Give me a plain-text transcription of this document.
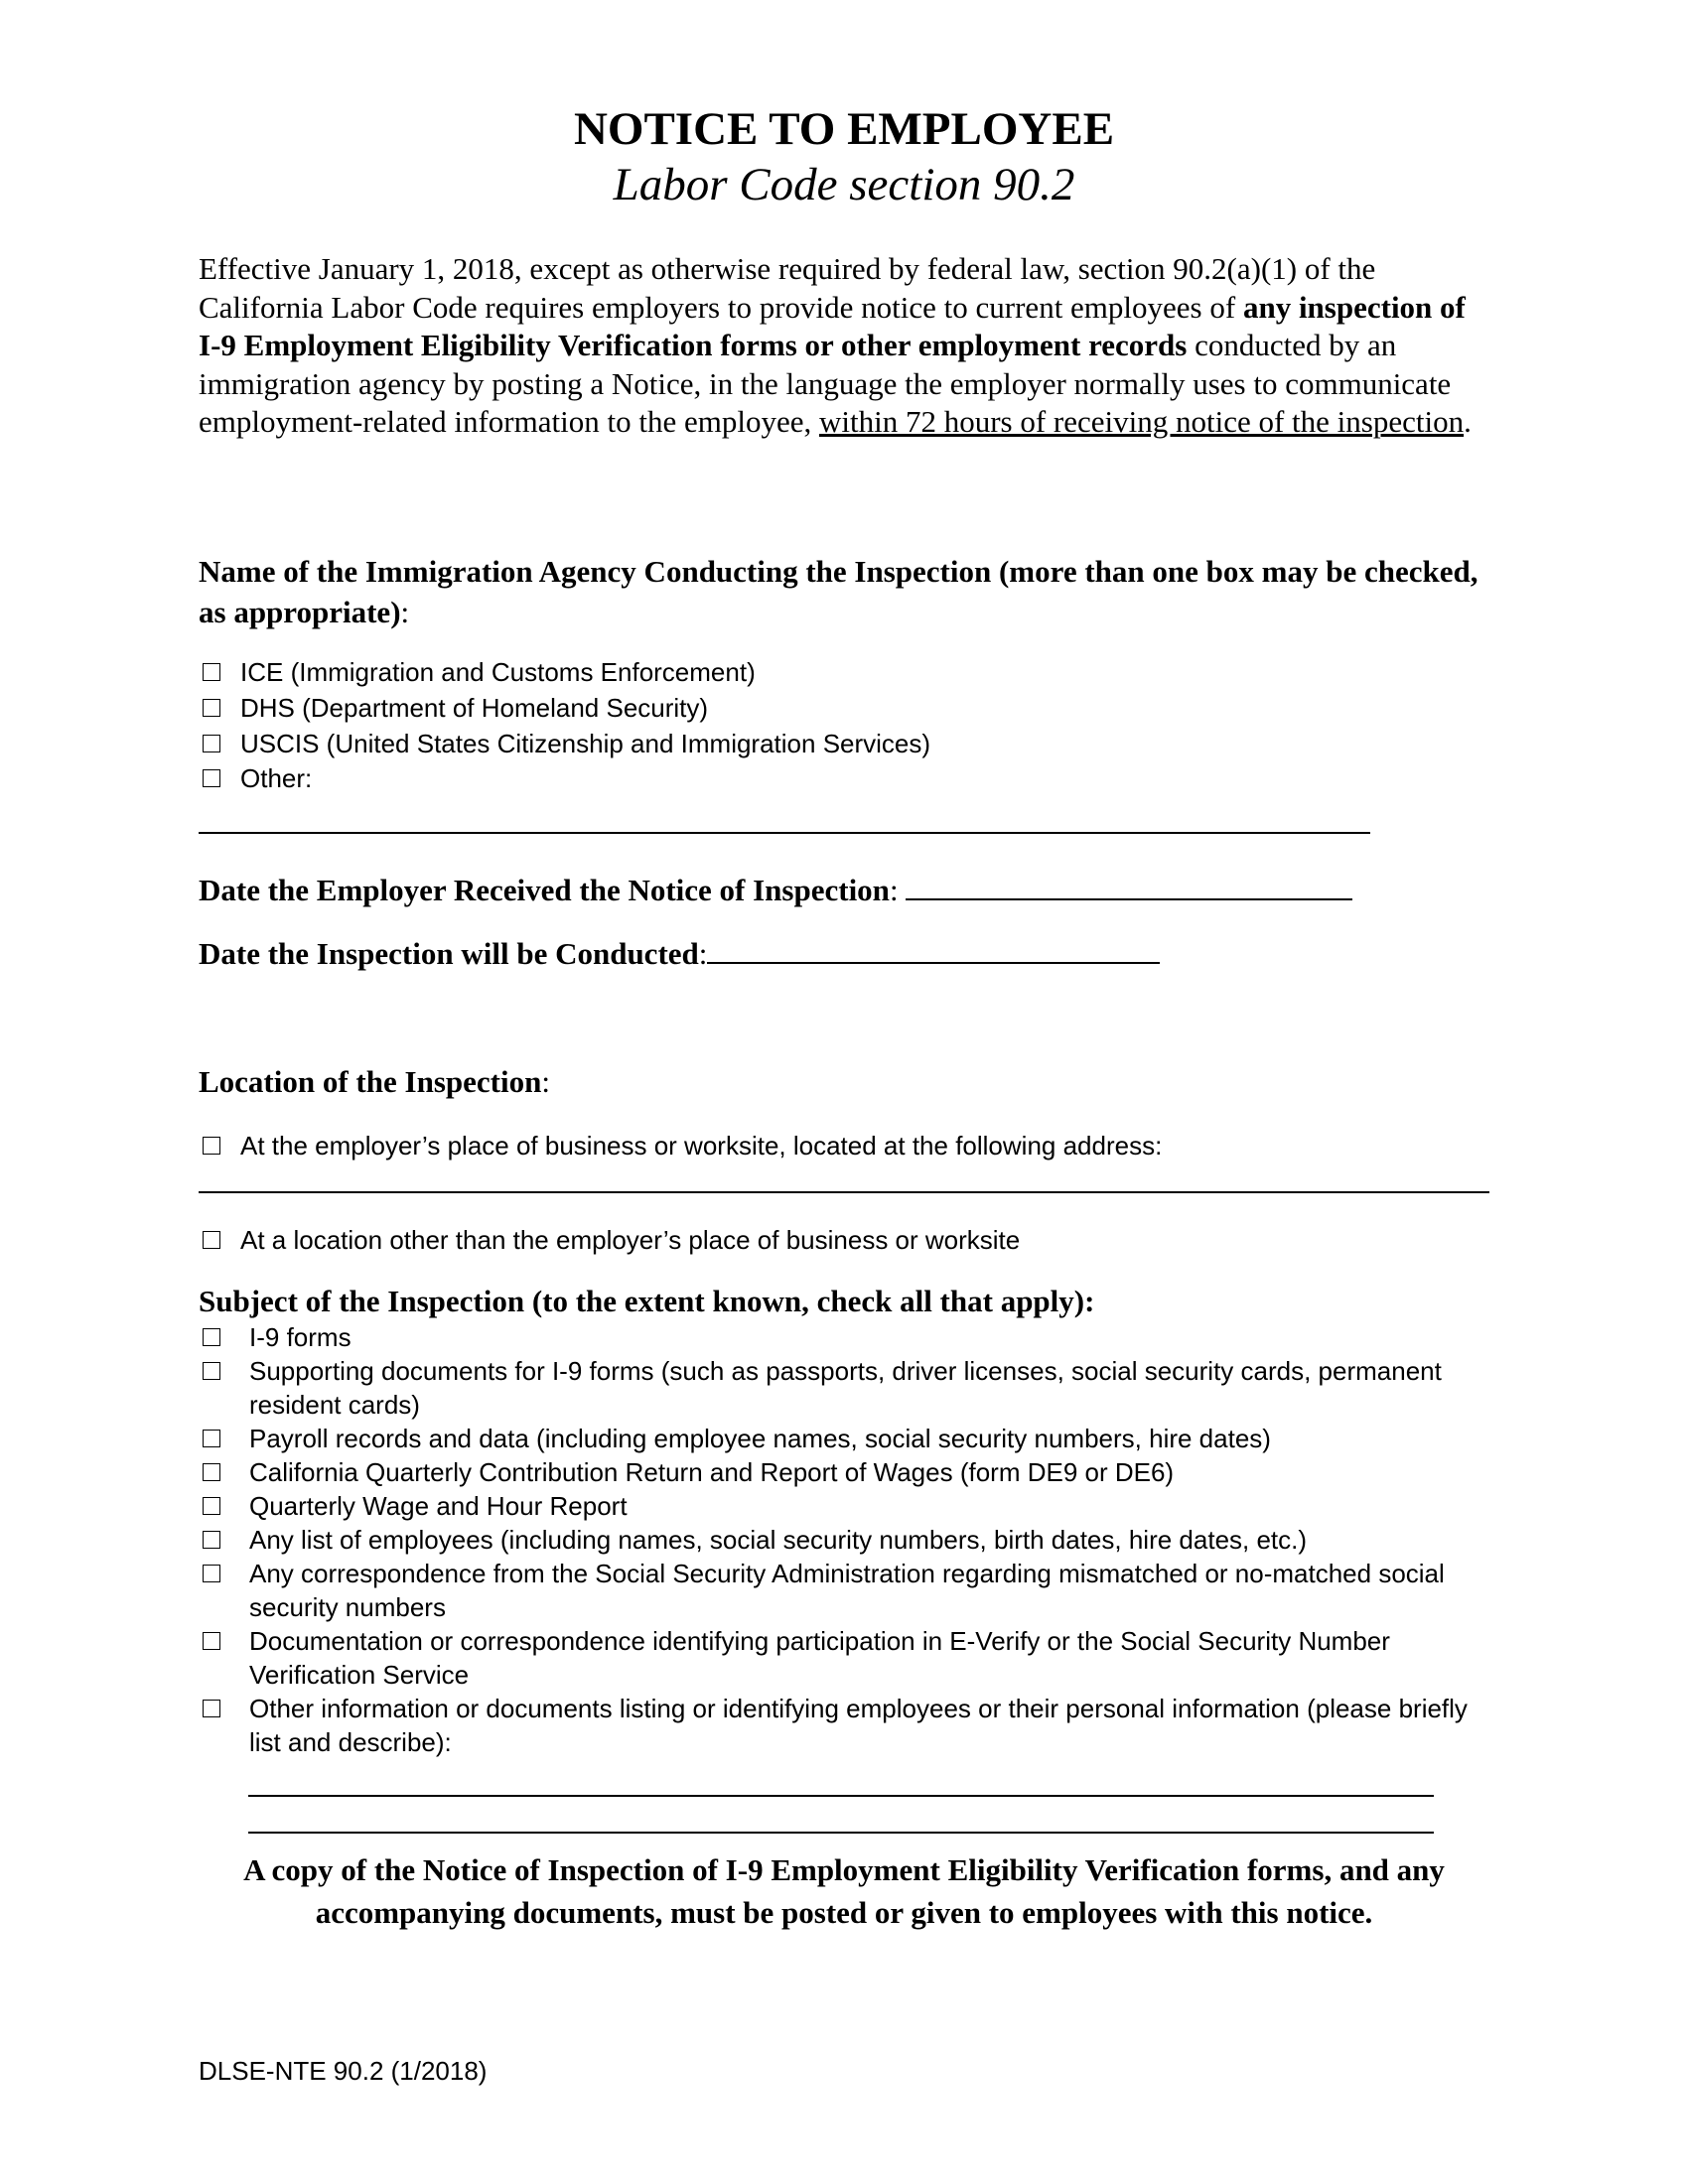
NOTICE TO EMPLOYEE
Labor Code section 90.2
Effective January 1, 2018, except as otherwise required by federal law, section 90.2(a)(1) of the California Labor Code requires employers to provide notice to current employees of any inspection of I-9 Employment Eligibility Verification forms or other employment records conducted by an immigration agency by posting a Notice, in the language the employer normally uses to communicate employment-related information to the employee, within 72 hours of receiving notice of the inspection.
Name of the Immigration Agency Conducting the Inspection (more than one box may be checked, as appropriate):
ICE (Immigration and Customs Enforcement)
DHS (Department of Homeland Security)
USCIS (United States Citizenship and Immigration Services)
Other:
Date the Employer Received the Notice of Inspection:
Date the Inspection will be Conducted:
Location of the Inspection:
At the employer’s place of business or worksite, located at the following address:
At a location other than the employer’s place of business or worksite
Subject of the Inspection (to the extent known, check all that apply):
I-9 forms
Supporting documents for I-9 forms (such as passports, driver licenses, social security cards, permanent resident cards)
Payroll records and data (including employee names, social security numbers, hire dates)
California Quarterly Contribution Return and Report of Wages (form DE9 or DE6)
Quarterly Wage and Hour Report
Any list of employees (including names, social security numbers, birth dates, hire dates, etc.)
Any correspondence from the Social Security Administration regarding mismatched or no-matched social security numbers
Documentation or correspondence identifying participation in E-Verify or the Social Security Number Verification Service
Other information or documents listing or identifying employees or their personal information (please briefly list and describe):
A copy of the Notice of Inspection of I-9 Employment Eligibility Verification forms, and any accompanying documents, must be posted or given to employees with this notice.
DLSE-NTE 90.2 (1/2018)
